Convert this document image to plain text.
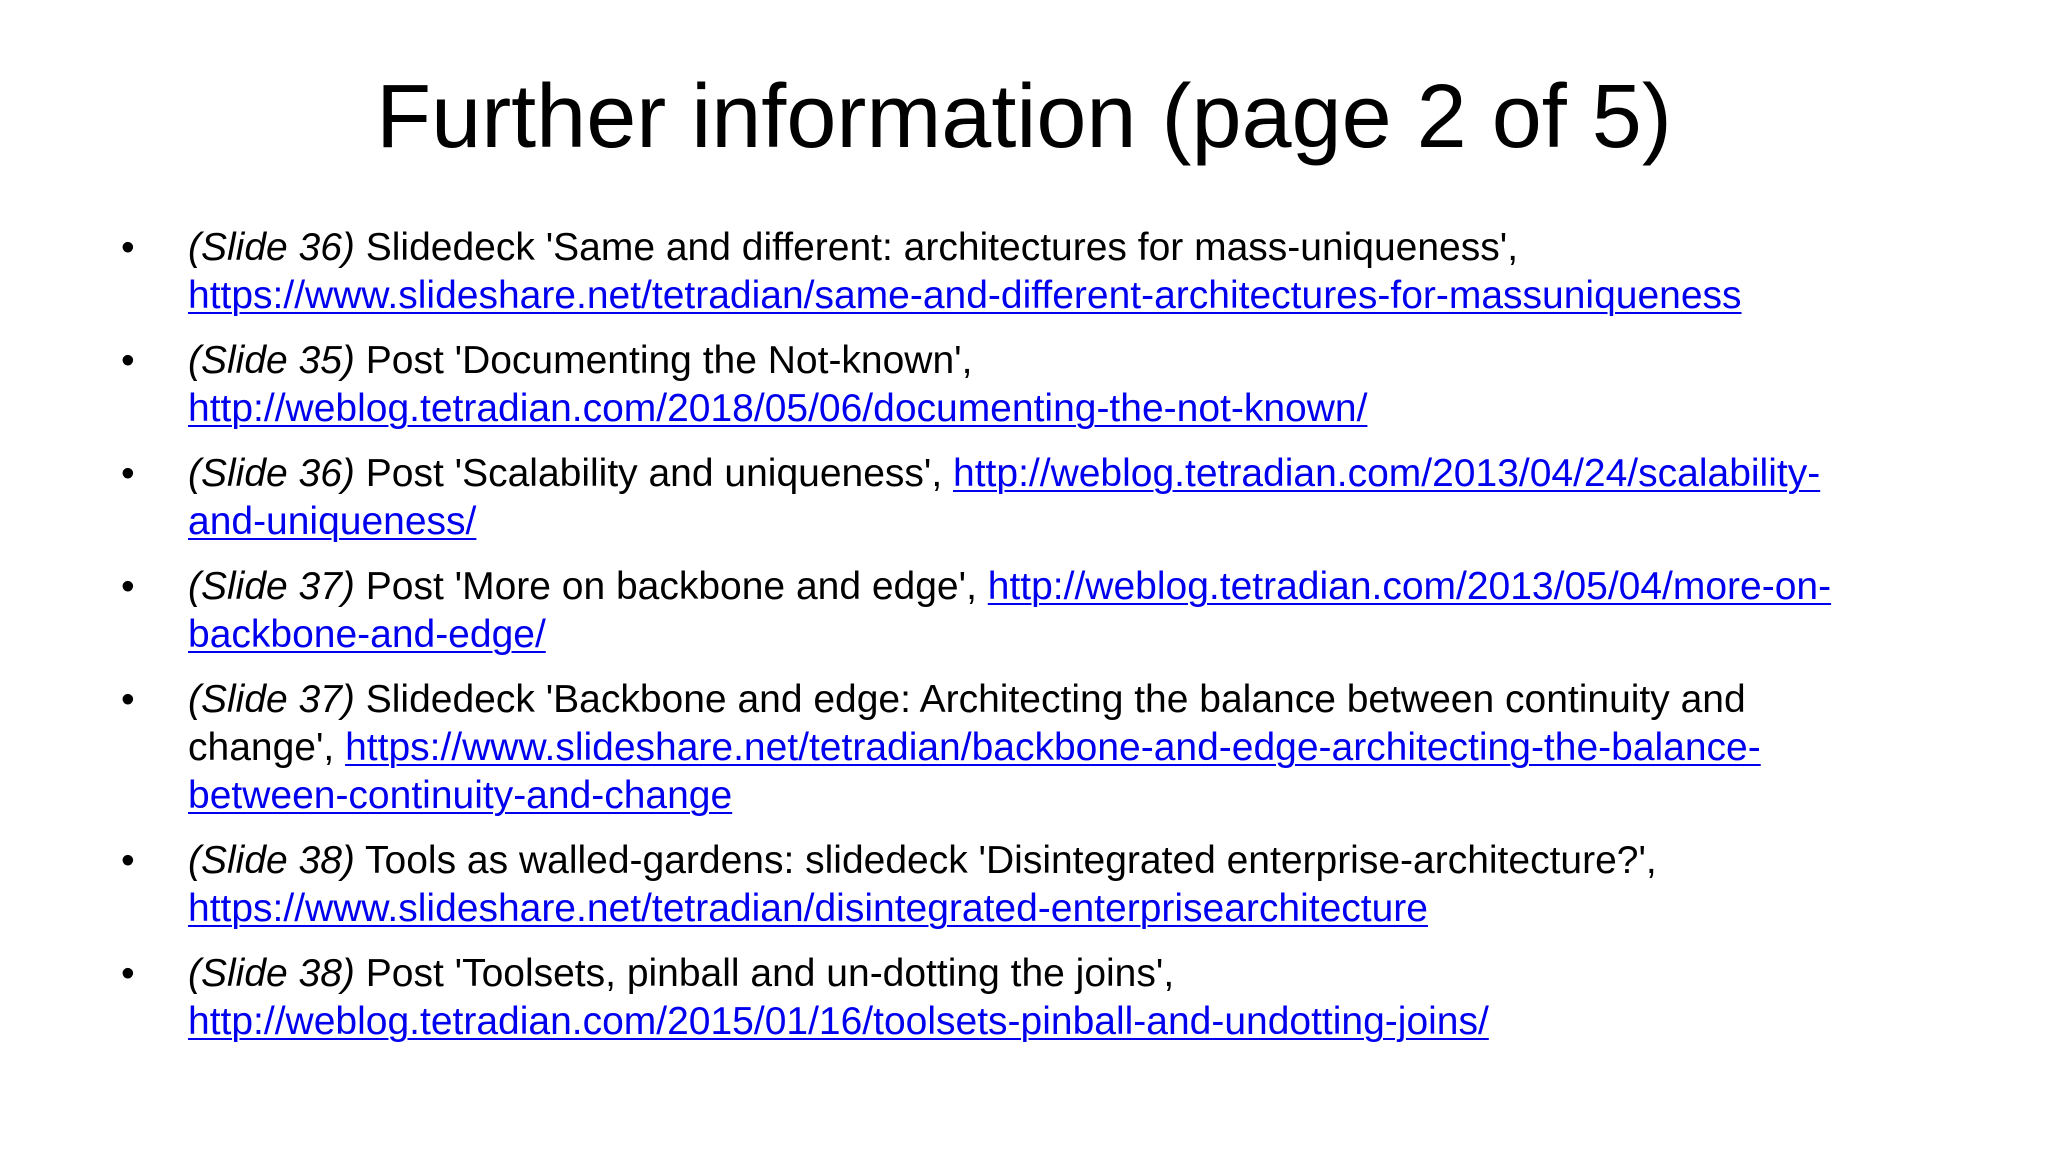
Further information (page 2 of 5)
• (Slide 36) Slidedeck 'Same and different: architectures for mass-uniqueness',
https://www.slideshare.net/tetradian/same-and-different-architectures-for-massuniqueness
• (Slide 35) Post 'Documenting the Not-known',
http://weblog.tetradian.com/2018/05/06/documenting-the-not-known/
• (Slide 36) Post 'Scalability and uniqueness', http://weblog.tetradian.com/2013/04/24/scalability-and-uniqueness/
• (Slide 37) Post 'More on backbone and edge', http://weblog.tetradian.com/2013/05/04/more-on-backbone-and-edge/
• (Slide 37) Slidedeck 'Backbone and edge: Architecting the balance between continuity and change', https://www.slideshare.net/tetradian/backbone-and-edge-architecting-the-balance-between-continuity-and-change
• (Slide 38) Tools as walled-gardens: slidedeck 'Disintegrated enterprise-architecture?',
https://www.slideshare.net/tetradian/disintegrated-enterprisearchitecture
• (Slide 38) Post 'Toolsets, pinball and un-dotting the joins',
http://weblog.tetradian.com/2015/01/16/toolsets-pinball-and-undotting-joins/
